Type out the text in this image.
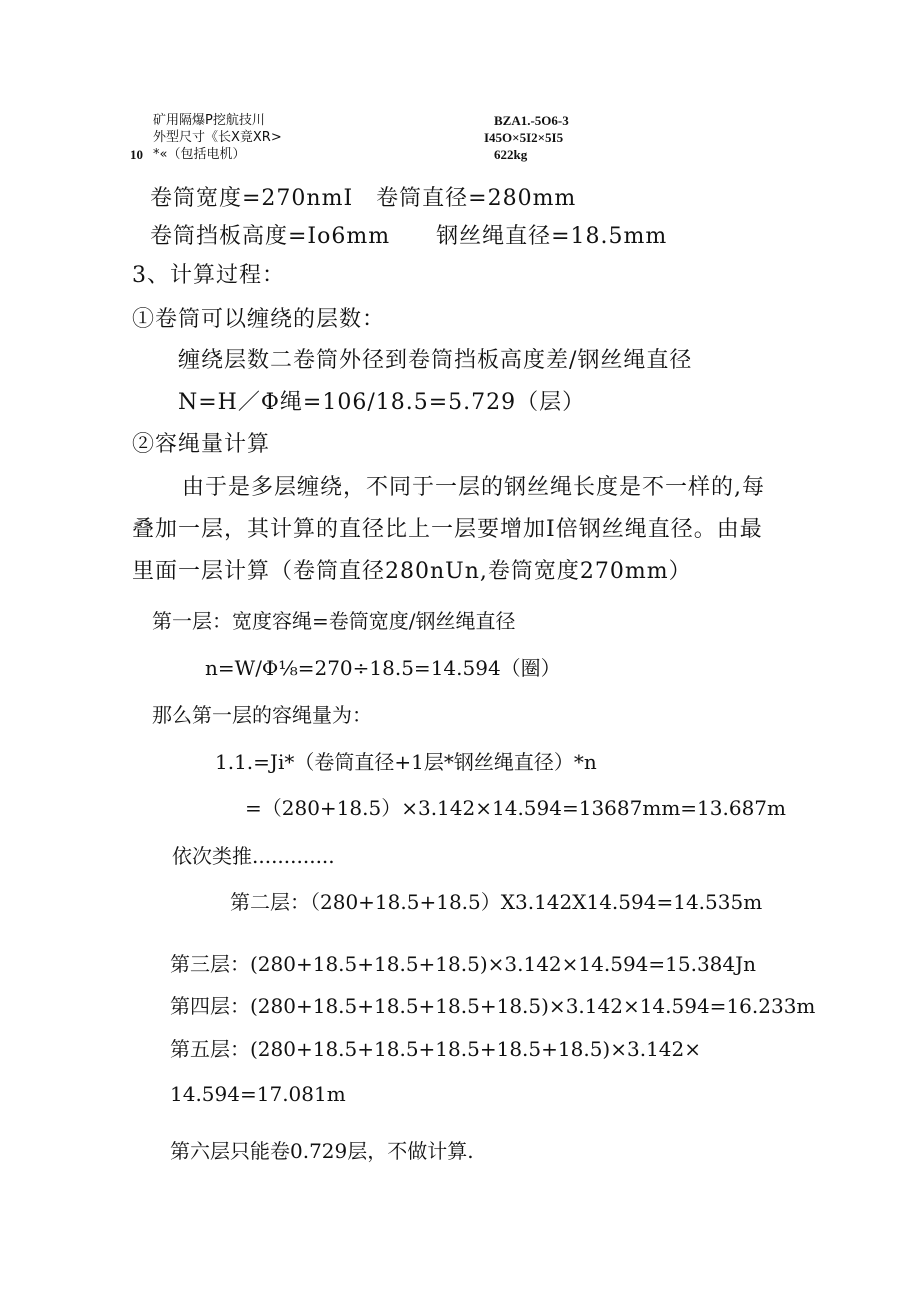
矿用隔爆P挖航技川
外型尺寸《长X竟XR>
10 *«（包括电机）
BZA1.-5O6-3
I45O×5I2×5I5
622kg
卷筒宽度=270nmI　卷筒直径=280mm
卷筒挡板高度=Io6mm　　钢丝绳直径=18.5mm
3、计算过程：
①卷筒可以缠绕的层数：
缠绕层数二卷筒外径到卷筒挡板高度差/钢丝绳直径
N=H／Φ绳=106/18.5=5.729（层）
②容绳量计算
由于是多层缠绕，不同于一层的钢丝绳长度是不一样的,每
叠加一层，其计算的直径比上一层要增加I倍钢丝绳直径。由最
里面一层计算（卷筒直径280nUn,卷筒宽度270mm）
第一层：宽度容绳=卷筒宽度/钢丝绳直径
n=W/Φ⅛=270÷18.5=14.594（圈）
那么第一层的容绳量为：
1.1.=Ji*（卷筒直径+1层*钢丝绳直径）*n
=（280+18.5）×3.142×14.594=13687mm=13.687m
依次类推.............
第二层：（280+18.5+18.5）X3.142X14.594=14.535m
第三层：(280+18.5+18.5+18.5)×3.142×14.594=15.384Jn
第四层：(280+18.5+18.5+18.5+18.5)×3.142×14.594=16.233m
第五层：(280+18.5+18.5+18.5+18.5+18.5)×3.142×
14.594=17.081m
第六层只能卷0.729层，不做计算.
